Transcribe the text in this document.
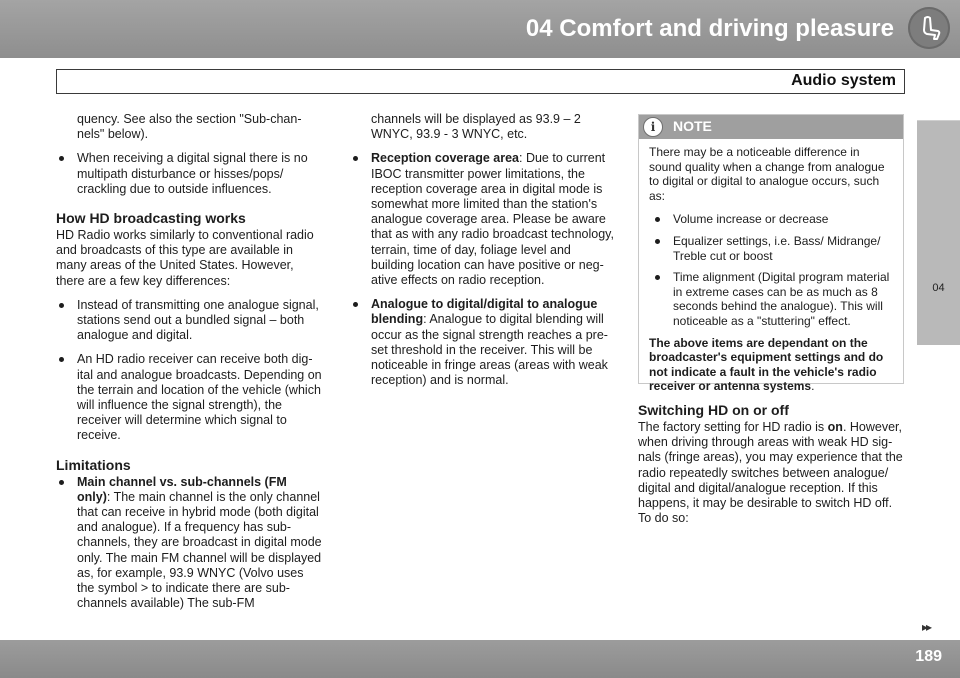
04 Comfort and driving pleasure
Audio system
04

quency. See also the section "Sub-channels" below).

When receiving a digital signal there is no multipath disturbance or hisses/pops/ crackling due to outside influences.
How HD broadcasting works

HD Radio works similarly to conventional radio and broadcasts of this type are available in many areas of the United States. However, there are a few key differences:

Instead of transmitting one analogue signal, stations send out a bundled signal – both analogue and digital.
An HD radio receiver can receive both digital and analogue broadcasts. Depending on the terrain and location of the vehicle (which will influence the signal strength), the receiver will determine which signal to receive.
Limitations
Main channel vs. sub-channels (FM only): The main channel is the only channel that can receive in hybrid mode (both digital and analogue). If a frequency has sub-channels, they are broadcast in digital mode only. The main FM channel will be displayed as, for example, 93.9 WNYC (Volvo uses the symbol > to indicate there are sub-channels available) The sub-FM

channels will be displayed as 93.9 – 2 WNYC, 93.9 - 3 WNYC, etc.

Reception coverage area: Due to current IBOC transmitter power limitations, the reception coverage area in digital mode is somewhat more limited than the station's analogue coverage area. Please be aware that as with any radio broadcast technology, terrain, time of day, foliage level and building location can have positive or negative effects on radio reception.
Analogue to digital/digital to analogue blending: Analogue to digital blending will occur as the signal strength reaches a preset threshold in the receiver. This will be noticeable in fringe areas (areas with weak reception) and is normal.
i	NOTE

There may be a noticeable difference in sound quality when a change from analogue to digital or digital to analogue occurs, such as:

Volume increase or decrease
Equalizer settings, i.e. Bass/ Midrange/ Treble cut or boost
Time alignment (Digital program material in extreme cases can be as much as 8 seconds behind the analogue). This will noticeable as a "stuttering" effect.

The above items are dependant on the broadcaster's equipment settings and do not indicate a fault in the vehicle's radio receiver or antenna systems.

Switching HD on or off

The factory setting for HD radio is on. However, when driving through areas with weak HD signals (fringe areas), you may experience that the radio repeatedly switches between analogue/ digital and digital/analogue reception. If this happens, it may be desirable to switch HD off. To do so:

▸▸
189
